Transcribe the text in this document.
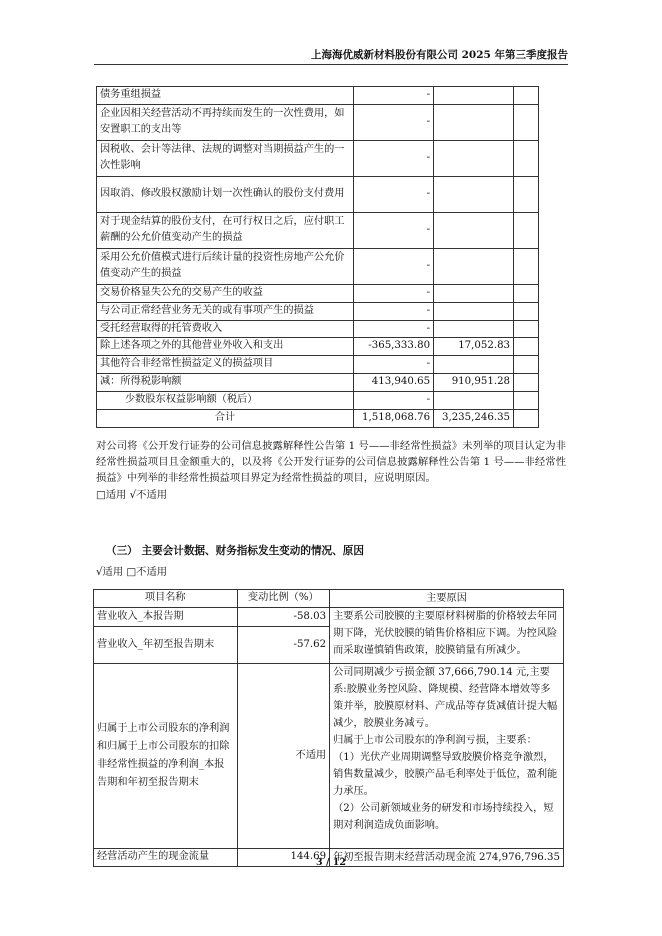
上海海优威新材料股份有限公司 2025 年第三季度报告
债务重组损益	-		
企业因相关经营活动不再持续而发生的一次性费用，如安置职工的支出等	-		
因税收、会计等法律、法规的调整对当期损益产生的一次性影响	-		
因取消、修改股权激励计划一次性确认的股份支付费用	-		
对于现金结算的股份支付，在可行权日之后，应付职工薪酬的公允价值变动产生的损益	-		
采用公允价值模式进行后续计量的投资性房地产公允价值变动产生的损益	-		
交易价格显失公允的交易产生的收益	-		
与公司正常经营业务无关的或有事项产生的损益	-		
受托经营取得的托管费收入	-		
除上述各项之外的其他营业外收入和支出	-365,333.80	17,052.83	
其他符合非经常性损益定义的损益项目	-		
减：所得税影响额	413,940.65	910,951.28	
少数股东权益影响额（税后）	-		
合计	1,518,068.76	3,235,246.35	
对公司将《公开发行证券的公司信息披露解释性公告第 1 号——非经常性损益》未列举的项目认定为非经常性损益项目且金额重大的，以及将《公开发行证券的公司信息披露解释性公告第 1 号——非经常性损益》中列举的非经常性损益项目界定为经常性损益的项目，应说明原因。
□适用 √不适用
（三） 主要会计数据、财务指标发生变动的情况、原因
√适用 □不适用
项目名称	变动比例（%）	主要原因
营业收入_本报告期	-58.03	主要系公司胶膜的主要原材料树脂的价格较去年同期下降，光伏胶膜的销售价格相应下调。为控风险而采取谨慎销售政策，胶膜销量有所减少。
营业收入_年初至报告期末	-57.62	
归属于上市公司股东的净利润和归属于上市公司股东的扣除非经常性损益的净利润_本报告期和年初至报告期末	不适用	公司同期减少亏损金额 37,666,790.14 元,主要系:胶膜业务控风险、降规模、经营降本增效等多策并举，胶膜原材料、产成品等存货减值计提大幅减少，胶膜业务减亏。
归属于上市公司股东的净利润亏损，主要系：
（1）光伏产业周期调整导致胶膜价格竞争激烈，销售数量减少，胶膜产品毛利率处于低位，盈利能力承压。
（2）公司新领域业务的研发和市场持续投入，短期对利润造成负面影响。

经营活动产生的现金流量	144.69	年初至报告期末经营活动现金流 274,976,796.35
3 / 12
